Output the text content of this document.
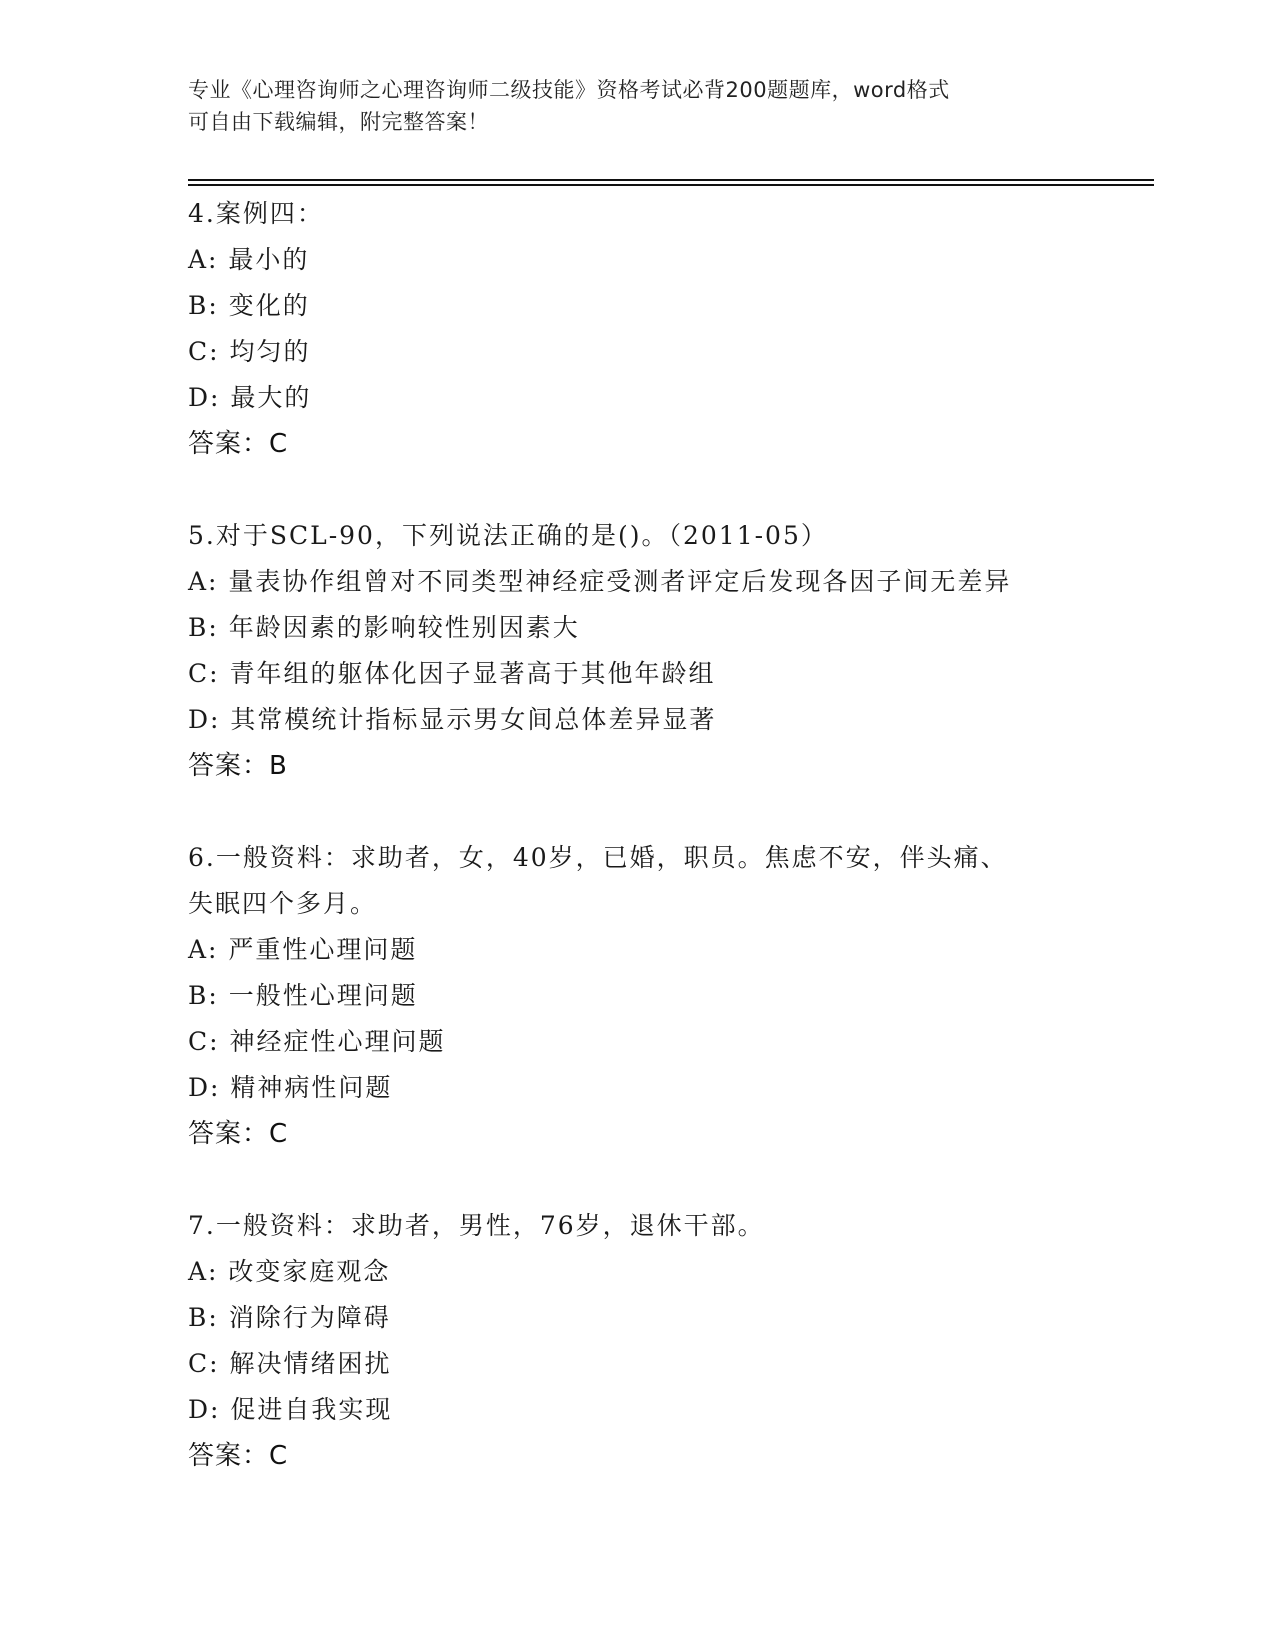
专业《心理咨询师之心理咨询师二级技能》资格考试必背200题题库，word格式
可自由下载编辑，附完整答案！
4.案例四：
A: 最小的
B: 变化的
C: 均匀的
D: 最大的
答案：C
5.对于SCL-90，下列说法正确的是()。（2011-05）
A: 量表协作组曾对不同类型神经症受测者评定后发现各因子间无差异
B: 年龄因素的影响较性别因素大
C: 青年组的躯体化因子显著高于其他年龄组
D: 其常模统计指标显示男女间总体差异显著
答案：B
6.一般资料：求助者，女，40岁，已婚，职员。焦虑不安，伴头痛、
失眠四个多月。
A: 严重性心理问题
B: 一般性心理问题
C: 神经症性心理问题
D: 精神病性问题
答案：C
7.一般资料：求助者，男性，76岁，退休干部。
A: 改变家庭观念
B: 消除行为障碍
C: 解决情绪困扰
D: 促进自我实现
答案：C
